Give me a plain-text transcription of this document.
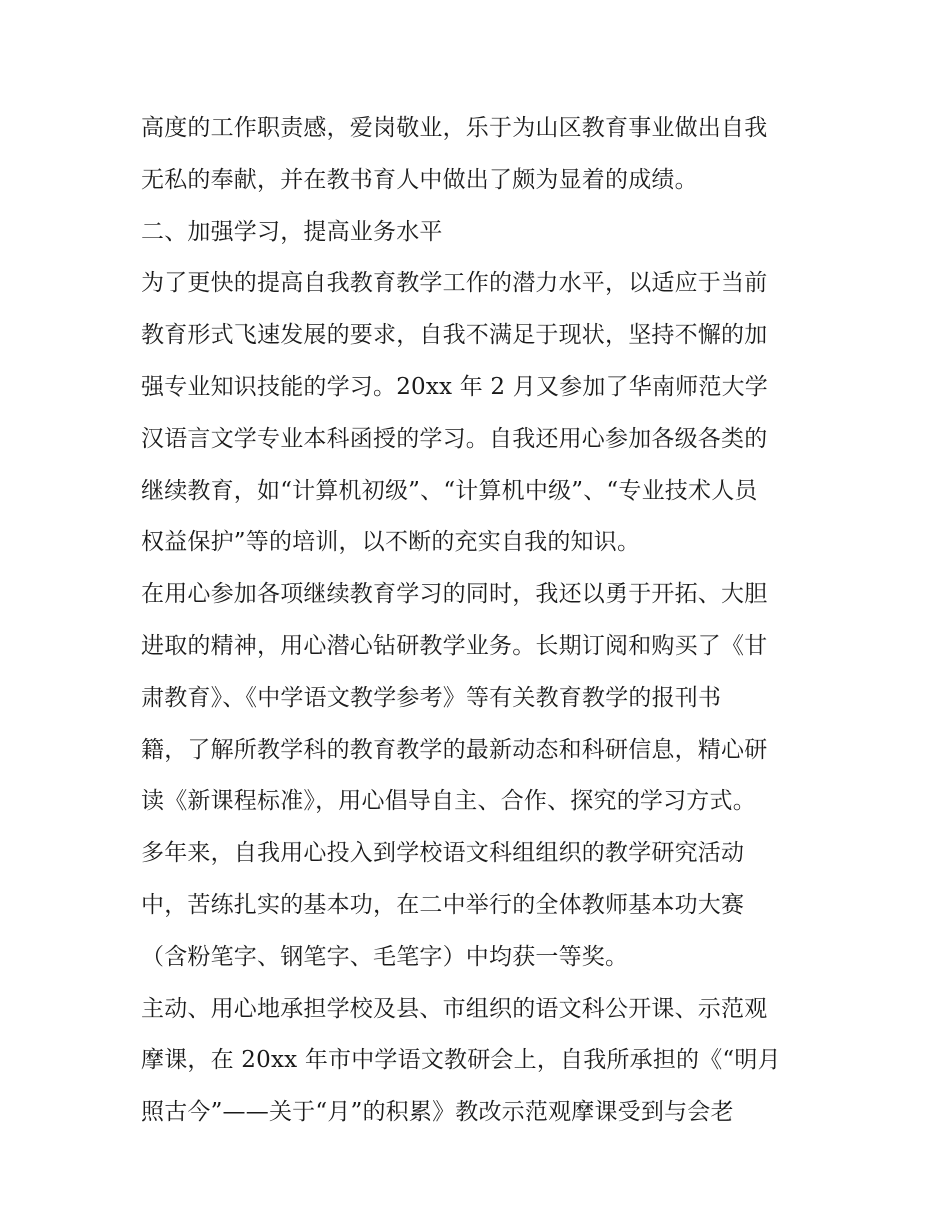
高度的工作职责感，爱岗敬业，乐于为山区教育事业做出自我
无私的奉献，并在教书育人中做出了颇为显着的成绩。
二、加强学习，提高业务水平
为了更快的提高自我教育教学工作的潜力水平，以适应于当前
教育形式飞速发展的要求，自我不满足于现状，坚持不懈的加
强专业知识技能的学习。20xx 年 2 月又参加了华南师范大学
汉语言文学专业本科函授的学习。自我还用心参加各级各类的
继续教育，如“计算机初级”、“计算机中级”、“专业技术人员
权益保护”等的培训，以不断的充实自我的知识。
在用心参加各项继续教育学习的同时，我还以勇于开拓、大胆
进取的精神，用心潜心钻研教学业务。长期订阅和购买了《甘
肃教育》、《中学语文教学参考》等有关教育教学的报刊书
籍，了解所教学科的教育教学的最新动态和科研信息，精心研
读《新课程标准》，用心倡导自主、合作、探究的学习方式。
多年来，自我用心投入到学校语文科组组织的教学研究活动
中，苦练扎实的基本功，在二中举行的全体教师基本功大赛
（含粉笔字、钢笔字、毛笔字）中均获一等奖。
主动、用心地承担学校及县、市组织的语文科公开课、示范观
摩课，在 20xx 年市中学语文教研会上，自我所承担的《“明月
照古今”——关于“月”的积累》教改示范观摩课受到与会老
